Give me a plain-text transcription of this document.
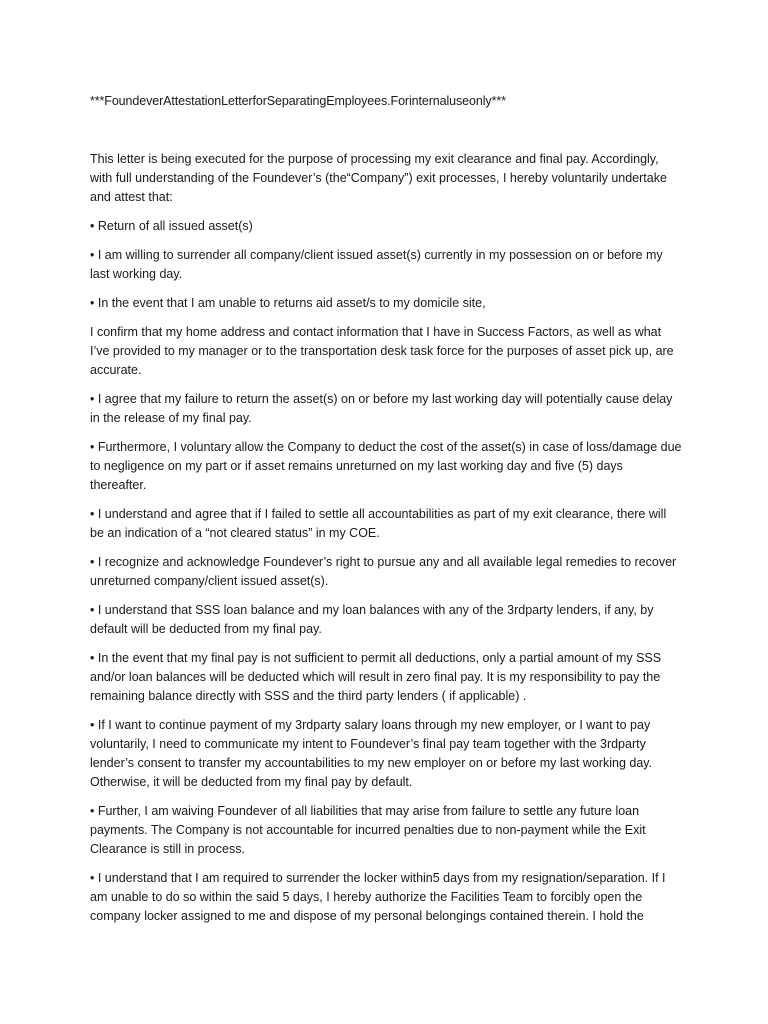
***FoundeverAttestationLetterforSeparatingEmployees.Forinternaluseonly***

This letter is being executed for the purpose of processing my exit clearance and final pay. Accordingly, with full understanding of the Foundever’s (the“Company”) exit processes, I hereby voluntarily undertake and attest that:

• Return of all issued asset(s)

• I am willing to surrender all company/client issued asset(s) currently in my possession on or before my last working day.

• In the event that I am unable to returns aid asset/s to my domicile site,

I confirm that my home address and contact information that I have in Success Factors, as well as what I’ve provided to my manager or to the transportation desk task force for the purposes of asset pick up, are accurate.

• I agree that my failure to return the asset(s) on or before my last working day will potentially cause delay in the release of my final pay.

• Furthermore, I voluntary allow the Company to deduct the cost of the asset(s) in case of loss/damage due to negligence on my part or if asset remains unreturned on my last working day and five (5) days thereafter.

• I understand and agree that if I failed to settle all accountabilities as part of my exit clearance, there will be an indication of a “not cleared status” in my COE.

• I recognize and acknowledge Foundever’s right to pursue any and all available legal remedies to recover unreturned company/client issued asset(s).

• I understand that SSS loan balance and my loan balances with any of the 3rdparty lenders, if any, by default will be deducted from my final pay.

• In the event that my final pay is not sufficient to permit all deductions, only a partial amount of my SSS and/or loan balances will be deducted which will result in zero final pay. It is my responsibility to pay the remaining balance directly with SSS and the third party lenders ( if applicable) .

• If I want to continue payment of my 3rdparty salary loans through my new employer, or I want to pay voluntarily, I need to communicate my intent to Foundever’s final pay team together with the 3rdparty lender’s consent to transfer my accountabilities to my new employer on or before my last working day. Otherwise, it will be deducted from my final pay by default.

• Further, I am waiving Foundever of all liabilities that may arise from failure to settle any future loan payments. The Company is not accountable for incurred penalties due to non-payment while the Exit Clearance is still in process.

• I understand that I am required to surrender the locker within5 days from my resignation/separation. If I am unable to do so within the said 5 days, I hereby authorize the Facilities Team to forcibly open the company locker assigned to me and dispose of my personal belongings contained therein. I hold the
